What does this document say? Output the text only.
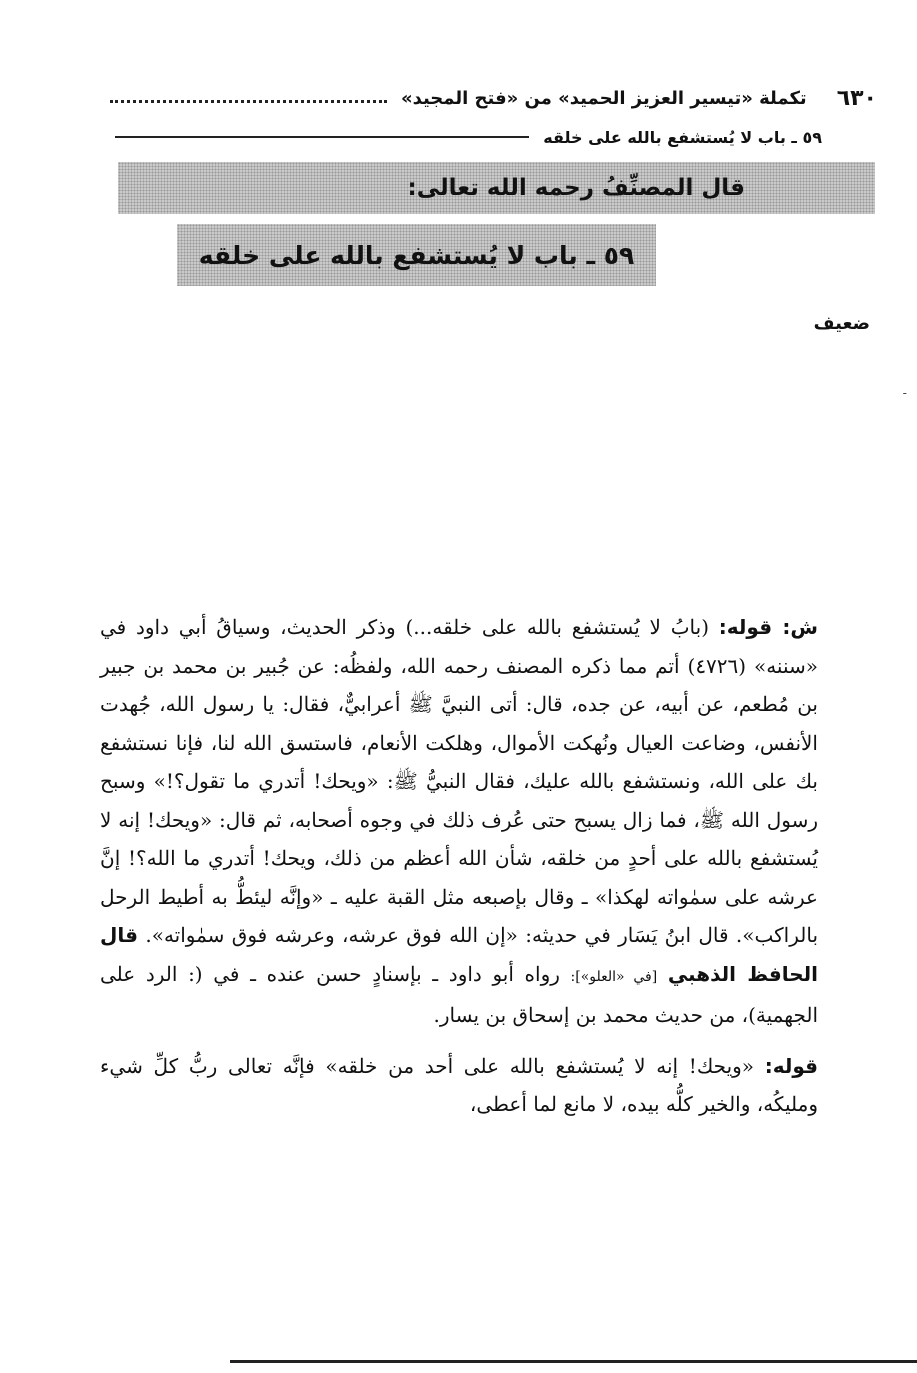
٦٣٠
تكملة «تيسير العزيز الحميد» من «فتح المجيد»
٥٩ ـ باب لا يُستشفع بالله على خلقه
قال المصنِّفُ رحمه الله تعالى:
٥٩ ـ باب لا يُستشفع بالله على خلقه
ضعيف
-

ش: قوله: (بابُ لا يُستشفع بالله على خلقه...) وذكر الحديث، وسياقُ أبي داود في «سننه» (٤٧٢٦) أتم مما ذكره المصنف رحمه الله، ولفظُه: عن جُبير بن محمد بن جبير بن مُطعم، عن أبيه، عن جده، قال: أتى النبيَّ ﷺ أعرابيٌّ، فقال: يا رسول الله، جُهدت الأنفس، وضاعت العيال ونُهكت الأموال، وهلكت الأنعام، فاستسق الله لنا، فإنا نستشفع بك على الله، ونستشفع بالله عليك، فقال النبيُّ ﷺ: «ويحك! أتدري ما تقول؟!» وسبح رسول الله ﷺ، فما زال يسبح حتى عُرف ذلك في وجوه أصحابه، ثم قال: «ويحك! إنه لا يُستشفع بالله على أحدٍ من خلقه، شأن الله أعظم من ذلك، ويحك! أتدري ما الله؟! إنَّ عرشه على سمٰواته لهكذا» ـ وقال بإصبعه مثل القبة عليه ـ «وإنَّه ليئطُّ به أطيط الرحل بالراكب». قال ابنُ يَسَار في حديثه: «إن الله فوق عرشه، وعرشه فوق سمٰواته». قال الحافظ الذهبي [في «العلو»]: رواه أبو داود ـ بإسنادٍ حسن عنده ـ في (: الرد على الجهمية)، من حديث محمد بن إسحاق بن يسار.

قوله: «ويحك! إنه لا يُستشفع بالله على أحد من خلقه» فإنَّه تعالى ربُّ كلِّ شيء ومليكُه، والخير كلُّه بيده، لا مانع لما أعطى،
